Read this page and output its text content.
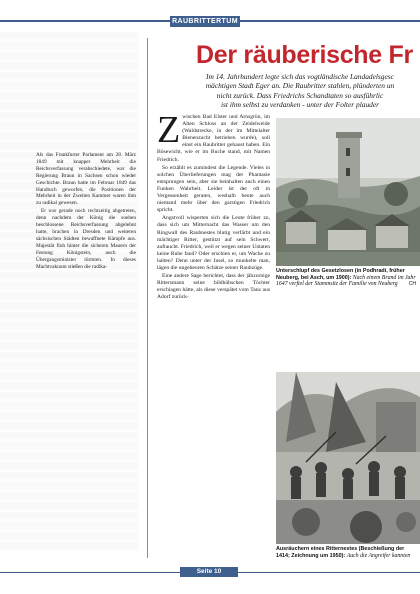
RAUBRITTERTUM

Als das Frankfurter Parlament am 28. März 1849 mit knapper Mehrheit die Reichsverfassung verabschiedete, war die Regierung Braun in Sachsen schon wieder Geschichte. Braun hatte im Februar 1849 das Handtuch geworfen, die Positionen der Mehrheit in der Zweiten Kammer waren ihm zu radikal gewesen.

Er war gerade noch rechtzeitig abgetreten, denn nachdem der König die soeben beschlossene Reichsverfassung abgelehnt hatte, brachen in Dresden und weiteren sächsischen Städten bewaffnete Kämpfe aus. Majestät floh hinter die sicheren Mauern der Festung Königstein, auch die Übergangsminister türmten. In dieses Machtvakuum stießen die radika-

Der räuberische Fr
Im 14. Jahrhundert legte sich das vogtländische Landadelsgesc
mächtigen Stadt Eger an. Die Raubritter stahlen, plünderten un
nicht zurück. Dass Friedrichs Schandtaten so ausführlic
ist ihm selbst zu verdanken - unter der Folter plauder
Z wischen Bad Elster und Arnsgrün, im Alten Schloss an der Zeidelweide (Waldstrecke, in der im Mittelalter Bienenzucht betrieben wurde), soll einst ein Raubritter gehaust haben. Ein Bösewicht, wie er im Buche stand, mit Namen Friedrich.

So erzählt es zumindest die Legende. Vieles in solchen Überlieferungen mag der Phantasie entsprungen sein, aber sie beinhalten auch einen Funken Wahrheit. Leider ist der oft in Vergessenheit geraten, weshalb heute auch niemand mehr über den garstigen Friedrich spricht.

Angstvoll wisperten sich die Leute früher zu, dass sich um Mitternacht das Wasser um den Ringwall des Raubnestes blutig verfärbt und ein mächtiger Ritter, gestützt auf sein Schwert, auftaucht. Friedrich, weil er wegen seiner Untaten keine Ruhe fand? Oder erschien er, um Wache zu halten? Denn unter der Insel, so munkelte man, lägen die ungeheuren Schätze seiner Raubzüge.

Eine andere Sage berichtet, dass der jähzornige Rittersmann seine bildhübschen Töchter erschlagen hätte, als diese verspätet vom Tanz aus Adorf zurück-

Unterschlupf des Gesetzlosen (in Podhradí, früher Neuberg, bei Asch, um 1900): Nach einem Brand im Jahr 1647 verfiel der Stammsitz der Familie von Neuberg CH
Ausräuchern eines Ritternestes (Beschießung der 1414; Zeichnung um 1950): Auch die Angreifer kannten
Seite 10
